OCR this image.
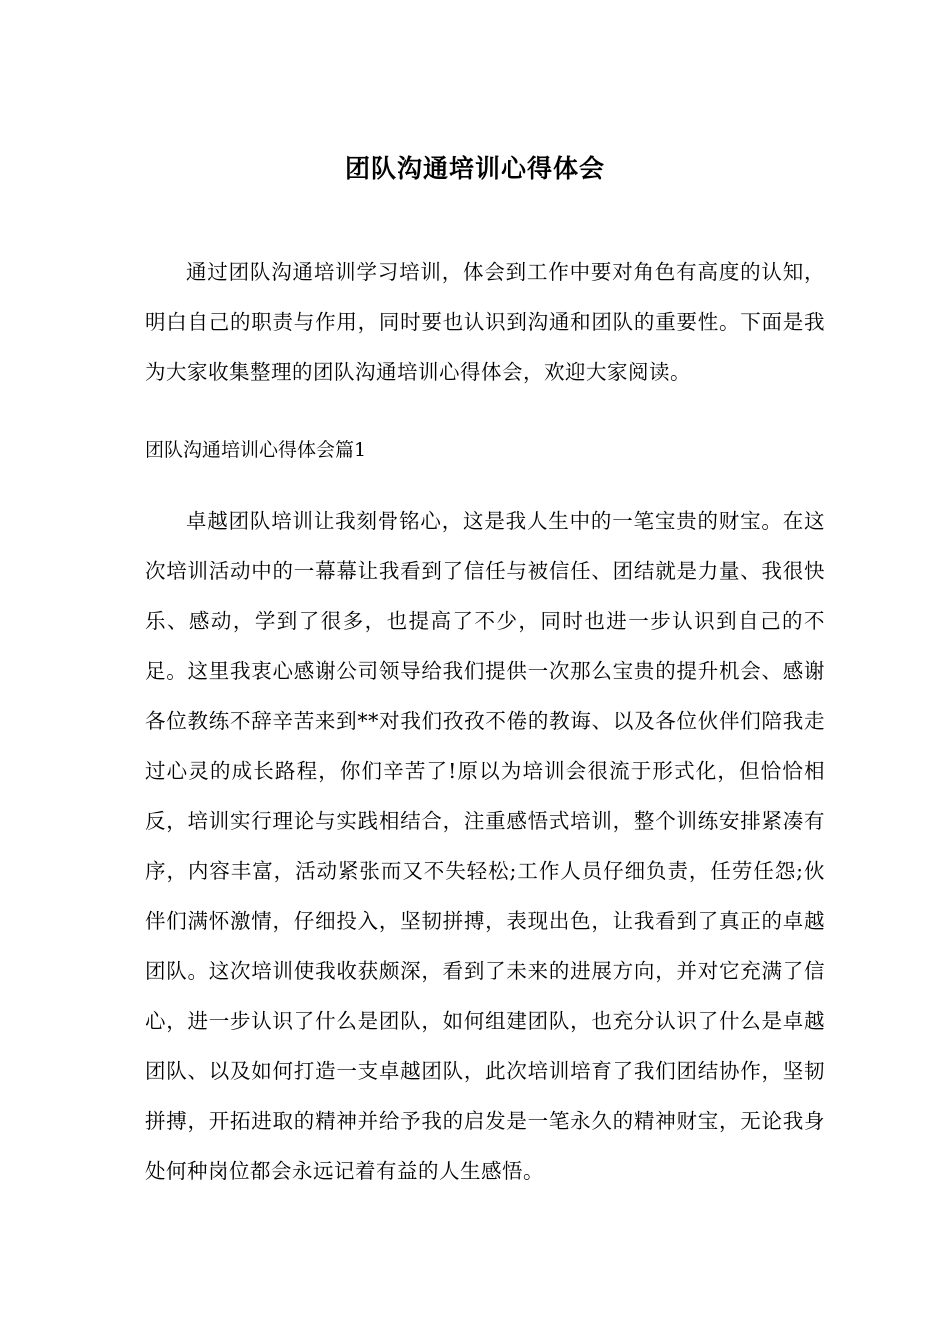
团队沟通培训心得体会

通过团队沟通培训学习培训，体会到工作中要对角色有高度的认知，明白自己的职责与作用，同时要也认识到沟通和团队的重要性。下面是我为大家收集整理的团队沟通培训心得体会，欢迎大家阅读。

团队沟通培训心得体会篇1

卓越团队培训让我刻骨铭心，这是我人生中的一笔宝贵的财宝。在这次培训活动中的一幕幕让我看到了信任与被信任、团结就是力量、我很快乐、感动，学到了很多，也提高了不少，同时也进一步认识到自己的不足。这里我衷心感谢公司领导给我们提供一次那么宝贵的提升机会、感谢各位教练不辞辛苦来到**对我们孜孜不倦的教诲、以及各位伙伴们陪我走过心灵的成长路程，你们辛苦了!原以为培训会很流于形式化，但恰恰相反，培训实行理论与实践相结合，注重感悟式培训，整个训练安排紧凑有序，内容丰富，活动紧张而又不失轻松;工作人员仔细负责，任劳任怨;伙伴们满怀激情，仔细投入，坚韧拼搏，表现出色，让我看到了真正的卓越团队。这次培训使我收获颇深，看到了未来的进展方向，并对它充满了信心，进一步认识了什么是团队，如何组建团队，也充分认识了什么是卓越团队、以及如何打造一支卓越团队，此次培训培育了我们团结协作，坚韧拼搏，开拓进取的精神并给予我的启发是一笔永久的精神财宝，无论我身处何种岗位都会永远记着有益的人生感悟。
